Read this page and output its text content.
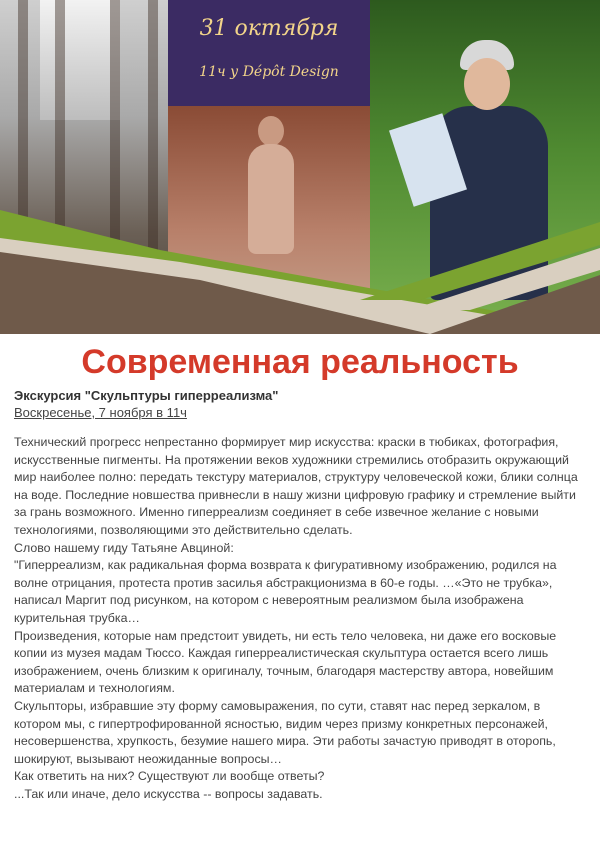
31 октября
11ч у Dépôt Design
Современная реальность
Экскурсия "Скульптуры гиперреализма"
Воскресенье, 7 ноября в 11ч

Технический прогресс непрестанно формирует мир искусства: краски в тюбиках, фотография, искусственные пигменты. На протяжении веков художники стремились отобразить окружающий мир наиболее полно: передать текстуру материалов, структуру человеческой кожи, блики солнца на воде. Последние новшества привнесли в нашу жизни цифровую графику и стремление выйти за грань возможного. Именно гиперреализм соединяет в себе извечное желание с новыми технологиями, позволяющими это действительно сделать.

Слово нашему гиду Татьяне Авциной:

"Гиперреализм, как радикальная форма возврата к фигуративному изображению, родился на волне отрицания, протеста против засилья абстракционизма в 60-е годы. …«Это не трубка», написал Маргит под рисунком, на котором с невероятным реализмом была изображена курительная трубка…

Произведения, которые нам предстоит увидеть, ни есть тело человека, ни даже его восковые копии из музея мадам Тюссо. Каждая гиперреалистическая скульптура остается всего лишь изображением, очень близким к оригиналу, точным, благодаря мастерству автора, новейшим материалам и технологиям.

Скульпторы, избравшие эту форму самовыражения, по сути, ставят нас перед зеркалом, в котором мы, с гипертрофированной ясностью, видим через призму конкретных персонажей, несовершенства, хрупкость, безумие нашего мира. Эти работы зачастую приводят в оторопь, шокируют, вызывают неожиданные вопросы…

Как ответить на них? Существуют ли вообще ответы?

...Так или иначе, дело искусства -- вопросы задавать.
